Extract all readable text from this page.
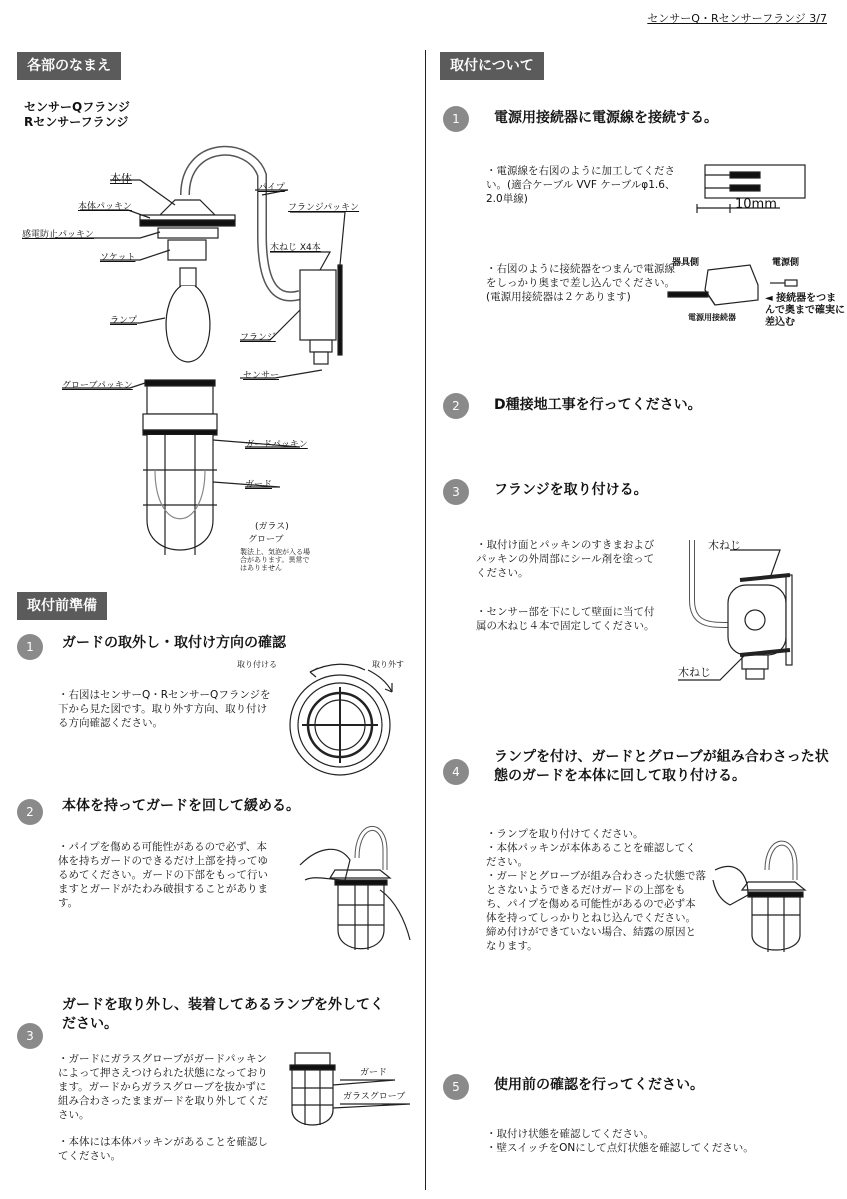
センサーQ・Rセンサーフランジ 3/7
各部のなまえ
センサーQフランジ
Rセンサーフランジ
本体
本体パッキン
感電防止パッキン
ソケット
ランプ
パイプ
フランジパッキン
木ねじ X4本
フランジ
センサー
グローブパッキン
ガードパッキン
ガード
(ガラス)
グローブ
製法上、気泡が入る場合があります。異常ではありません
取付前準備
1	ガードの取外し・取付け方向の確認
取り付ける	取り外す
・右図はセンサーQ・RセンサーQフランジを下から見た図です。取り外す方向、取り付ける方向確認ください。
2	本体を持ってガードを回して緩める。
・パイプを傷める可能性があるので必ず、本体を持ちガードのできるだけ上部を持ってゆるめてください。ガードの下部をもって行いますとガードがたわみ破損することがあります。
3
ガードを取り外し、装着してあるランプを外してください。
・ガードにガラスグローブがガードパッキンによって押さえつけられた状態になっております。ガードからガラスグローブを抜かずに組み合わさったままガードを取り外してください。
・本体には本体パッキンがあることを確認してください。
ガード
ガラスグローブ
取付について
1	電源用接続器に電源線を接続する。
・電源線を右図のように加工してください。(適合ケーブル VVF ケーブルφ1.6、2.0単線)	10mm
・右図のように接続器をつまんで電源線をしっかり奥まで差し込んでください。(電源用接続器は２ケあります)
器具側	電源側
電源用接続器
◄ 接続器をつまんで奥まで確実に差込む
2	D種接地工事を行ってください。
3	フランジを取り付ける。
・取付け面とパッキンのすきまおよびパッキンの外周部にシール剤を塗ってください。
・センサー部を下にして壁面に当て付属の木ねじ４本で固定してください。
木ねじ
木ねじ
4
ランプを付け、ガードとグローブが組み合わさった状態のガードを本体に回して取り付ける。
・ランプを取り付けてください。
・本体パッキンが本体あることを確認してください。
・ガードとグローブが組み合わさった状態で落とさないようできるだけガードの上部をもち、パイプを傷める可能性があるので必ず本体を持ってしっかりとねじ込んでください。締め付けができていない場合、結露の原因となります。
5	使用前の確認を行ってください。
・取付け状態を確認してください。
・壁スイッチをONにして点灯状態を確認してください。
